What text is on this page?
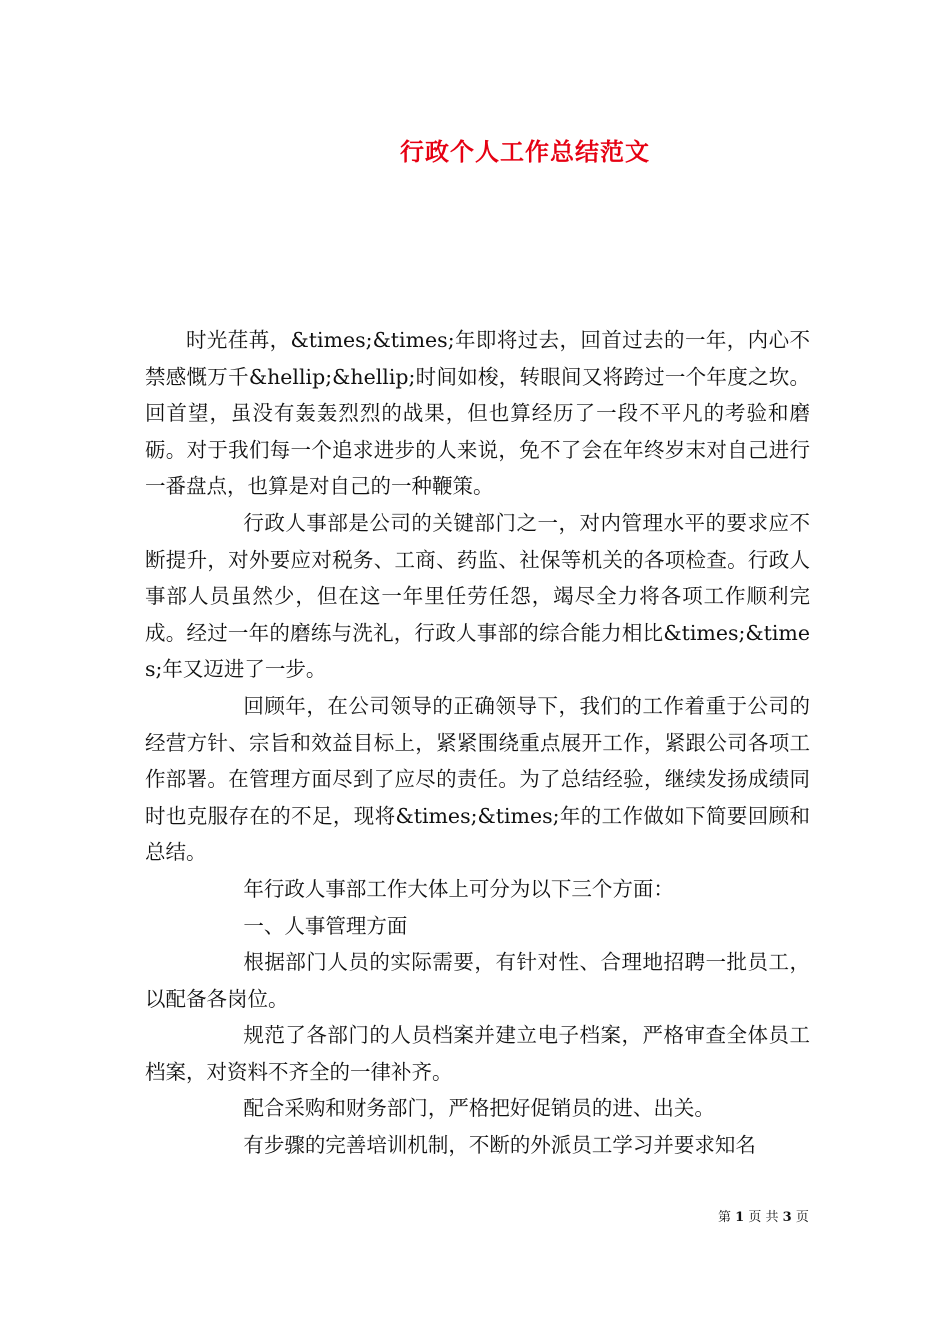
行政个人工作总结范文

时光荏苒，&times;&times;年即将过去，回首过去的一年，内心不禁感慨万千&hellip;&hellip;时间如梭，转眼间又将跨过一个年度之坎。回首望，虽没有轰轰烈烈的战果，但也算经历了一段不平凡的考验和磨砺。对于我们每一个追求进步的人来说，免不了会在年终岁末对自己进行一番盘点，也算是对自己的一种鞭策。

行政人事部是公司的关键部门之一，对内管理水平的要求应不断提升，对外要应对税务、工商、药监、社保等机关的各项检查。行政人事部人员虽然少，但在这一年里任劳任怨，竭尽全力将各项工作顺利完成。经过一年的磨练与洗礼，行政人事部的综合能力相比&times;&times;年又迈进了一步。

回顾年，在公司领导的正确领导下，我们的工作着重于公司的经营方针、宗旨和效益目标上，紧紧围绕重点展开工作，紧跟公司各项工作部署。在管理方面尽到了应尽的责任。为了总结经验，继续发扬成绩同时也克服存在的不足，现将&times;&times;年的工作做如下简要回顾和总结。

年行政人事部工作大体上可分为以下三个方面：

一、人事管理方面

根据部门人员的实际需要，有针对性、合理地招聘一批员工，以配备各岗位。

规范了各部门的人员档案并建立电子档案，严格审查全体员工档案，对资料不齐全的一律补齐。

配合采购和财务部门，严格把好促销员的进、出关。

有步骤的完善培训机制，不断的外派员工学习并要求知名

第 1 页 共 3 页
